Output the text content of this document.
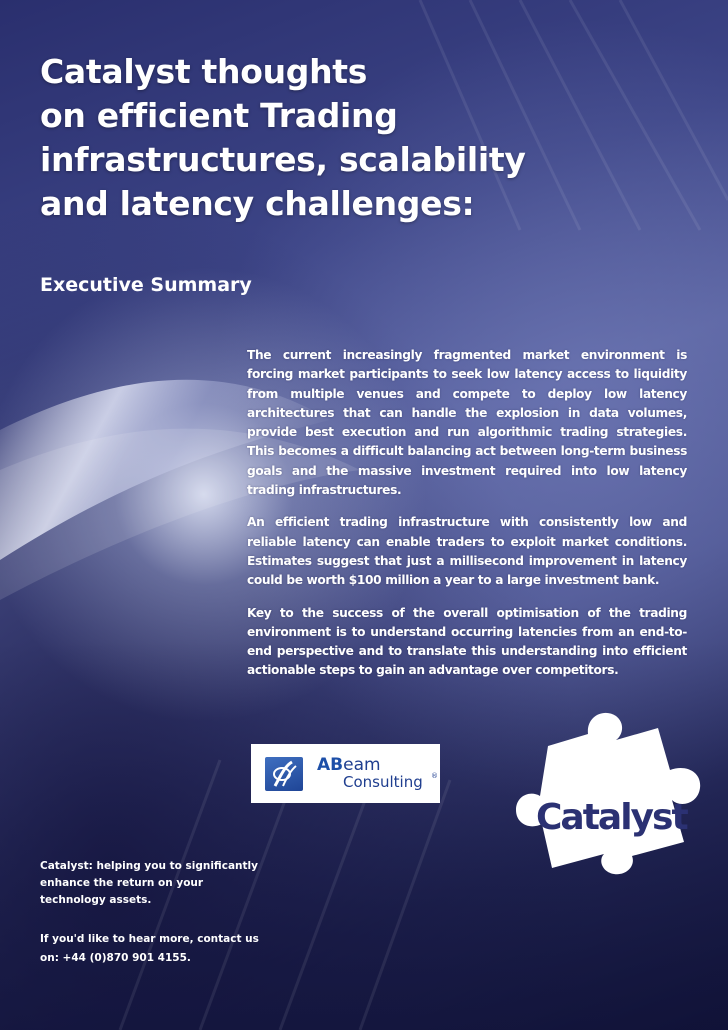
Catalyst thoughts
on efficient Trading
infrastructures, scalability
and latency challenges:
Executive Summary

The current increasingly fragmented market environment is forcing market participants to seek low latency access to liquidity from multiple venues and compete to deploy low latency architectures that can handle the explosion in data volumes, provide best execution and run algorithmic trading strategies. This becomes a difficult balancing act between long-term business goals and the massive investment required into low latency trading infrastructures.

An efficient trading infrastructure with consistently low and reliable latency can enable traders to exploit market conditions. Estimates suggest that just a millisecond improvement in latency could be worth $100 million a year to a large investment bank.

Key to the success of the overall optimisation of the trading environment is to understand occurring latencies from an end-to-end perspective and to translate this understanding into efficient actionable steps to gain an advantage over competitors.

ABeam
Consulting ®
Catalyst
Catalyst: helping you to significantly enhance the return on your technology assets.
If you'd like to hear more, contact us on: +44 (0)870 901 4155.
